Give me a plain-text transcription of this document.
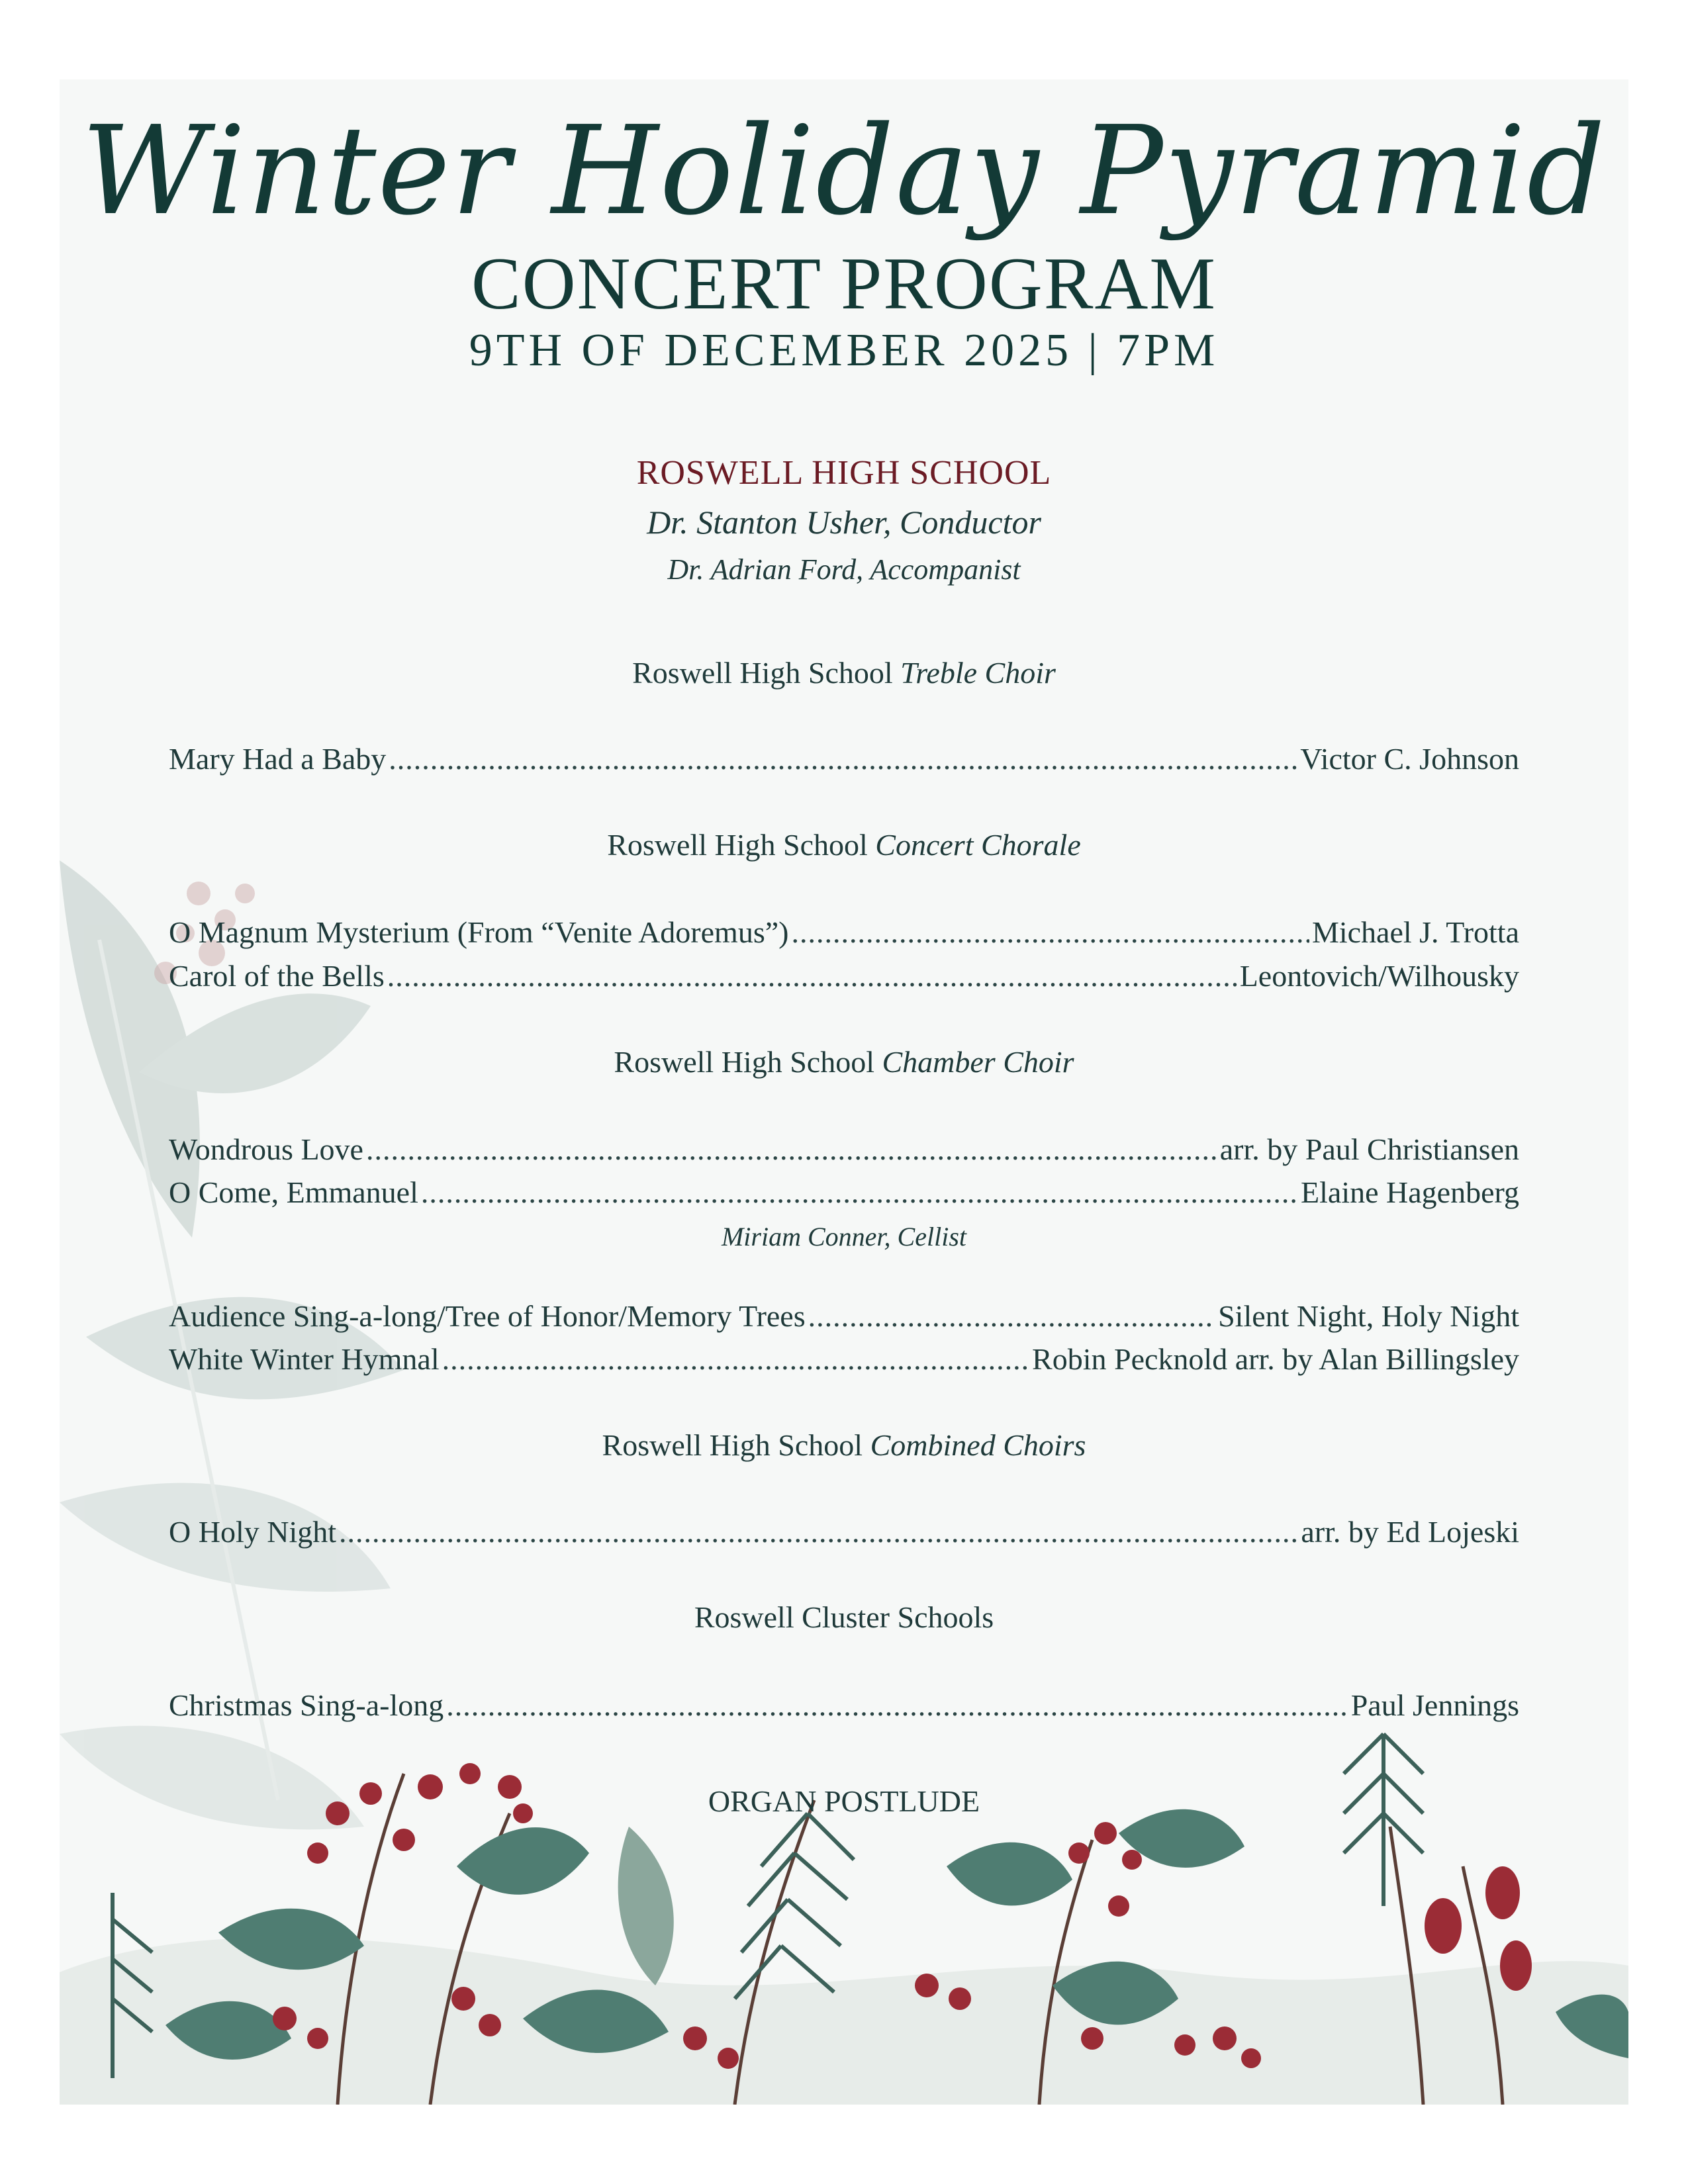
Winter Holiday Pyramid
CONCERT PROGRAM
9TH OF DECEMBER 2025 | 7PM
ROSWELL HIGH SCHOOL
Dr. Stanton Usher, Conductor
Dr. Adrian Ford, Accompanist
Roswell High School Treble Choir
Mary Had a Baby .....	Victor C. Johnson
Roswell High School Concert Chorale
O Magnum Mysterium (From “Venite Adoremus”) .....	Michael J. Trotta
Carol of the Bells .....	Leontovich/Wilhousky
Roswell High School Chamber Choir
Wondrous Love .....	arr. by Paul Christiansen
O Come, Emmanuel .....	Elaine Hagenberg
Miriam Conner, Cellist
Audience Sing-a-long/Tree of Honor/Memory Trees .....	Silent Night, Holy Night
White Winter Hymnal .....	Robin Pecknold arr. by Alan Billingsley
Roswell High School Combined Choirs
O Holy Night .....	arr. by Ed Lojeski
Roswell Cluster Schools
Christmas Sing-a-long .....	Paul Jennings
ORGAN POSTLUDE
